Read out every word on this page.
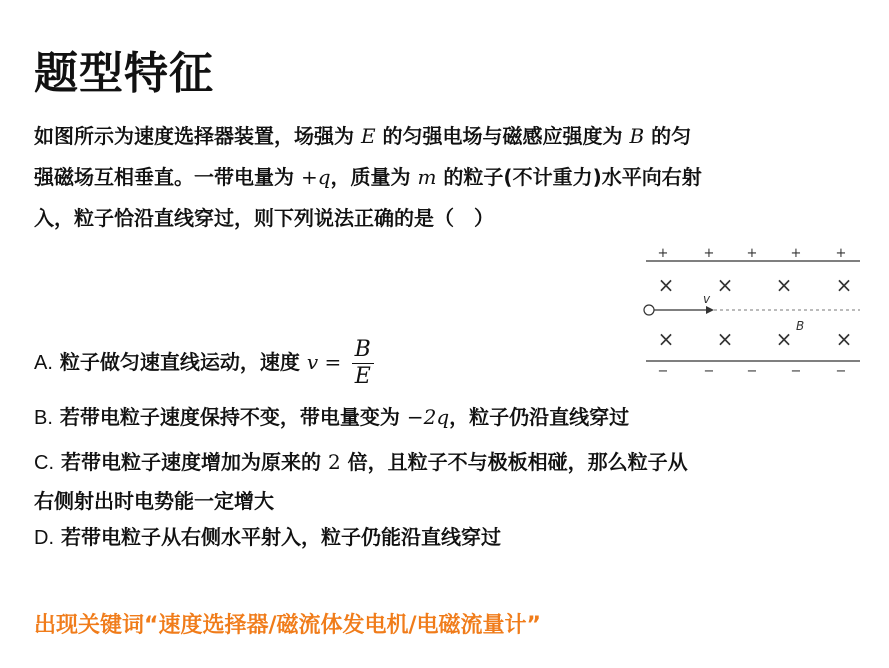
题型特征
如图所示为速度选择器装置，场强为 E 的匀强电场与磁感应强度为 B 的匀
强磁场互相垂直。一带电量为 +q，质量为 m 的粒子(不计重力)水平向右射
入，粒子恰沿直线穿过，则下列说法正确的是（　）
+	+ +	+	+
× × × ×
v
× × × ×
B
−	− −	−	−
A. 粒子做匀速直线运动，速度 $v = \frac{B}{E}$
B. 若带电粒子速度保持不变，带电量变为 −2q，粒子仍沿直线穿过
C. 若带电粒子速度增加为原来的 2 倍，且粒子不与极板相碰，那么粒子从
右侧射出时电势能一定增大
D. 若带电粒子从右侧水平射入，粒子仍能沿直线穿过
出现关键词“速度选择器/磁流体发电机/电磁流量计”
